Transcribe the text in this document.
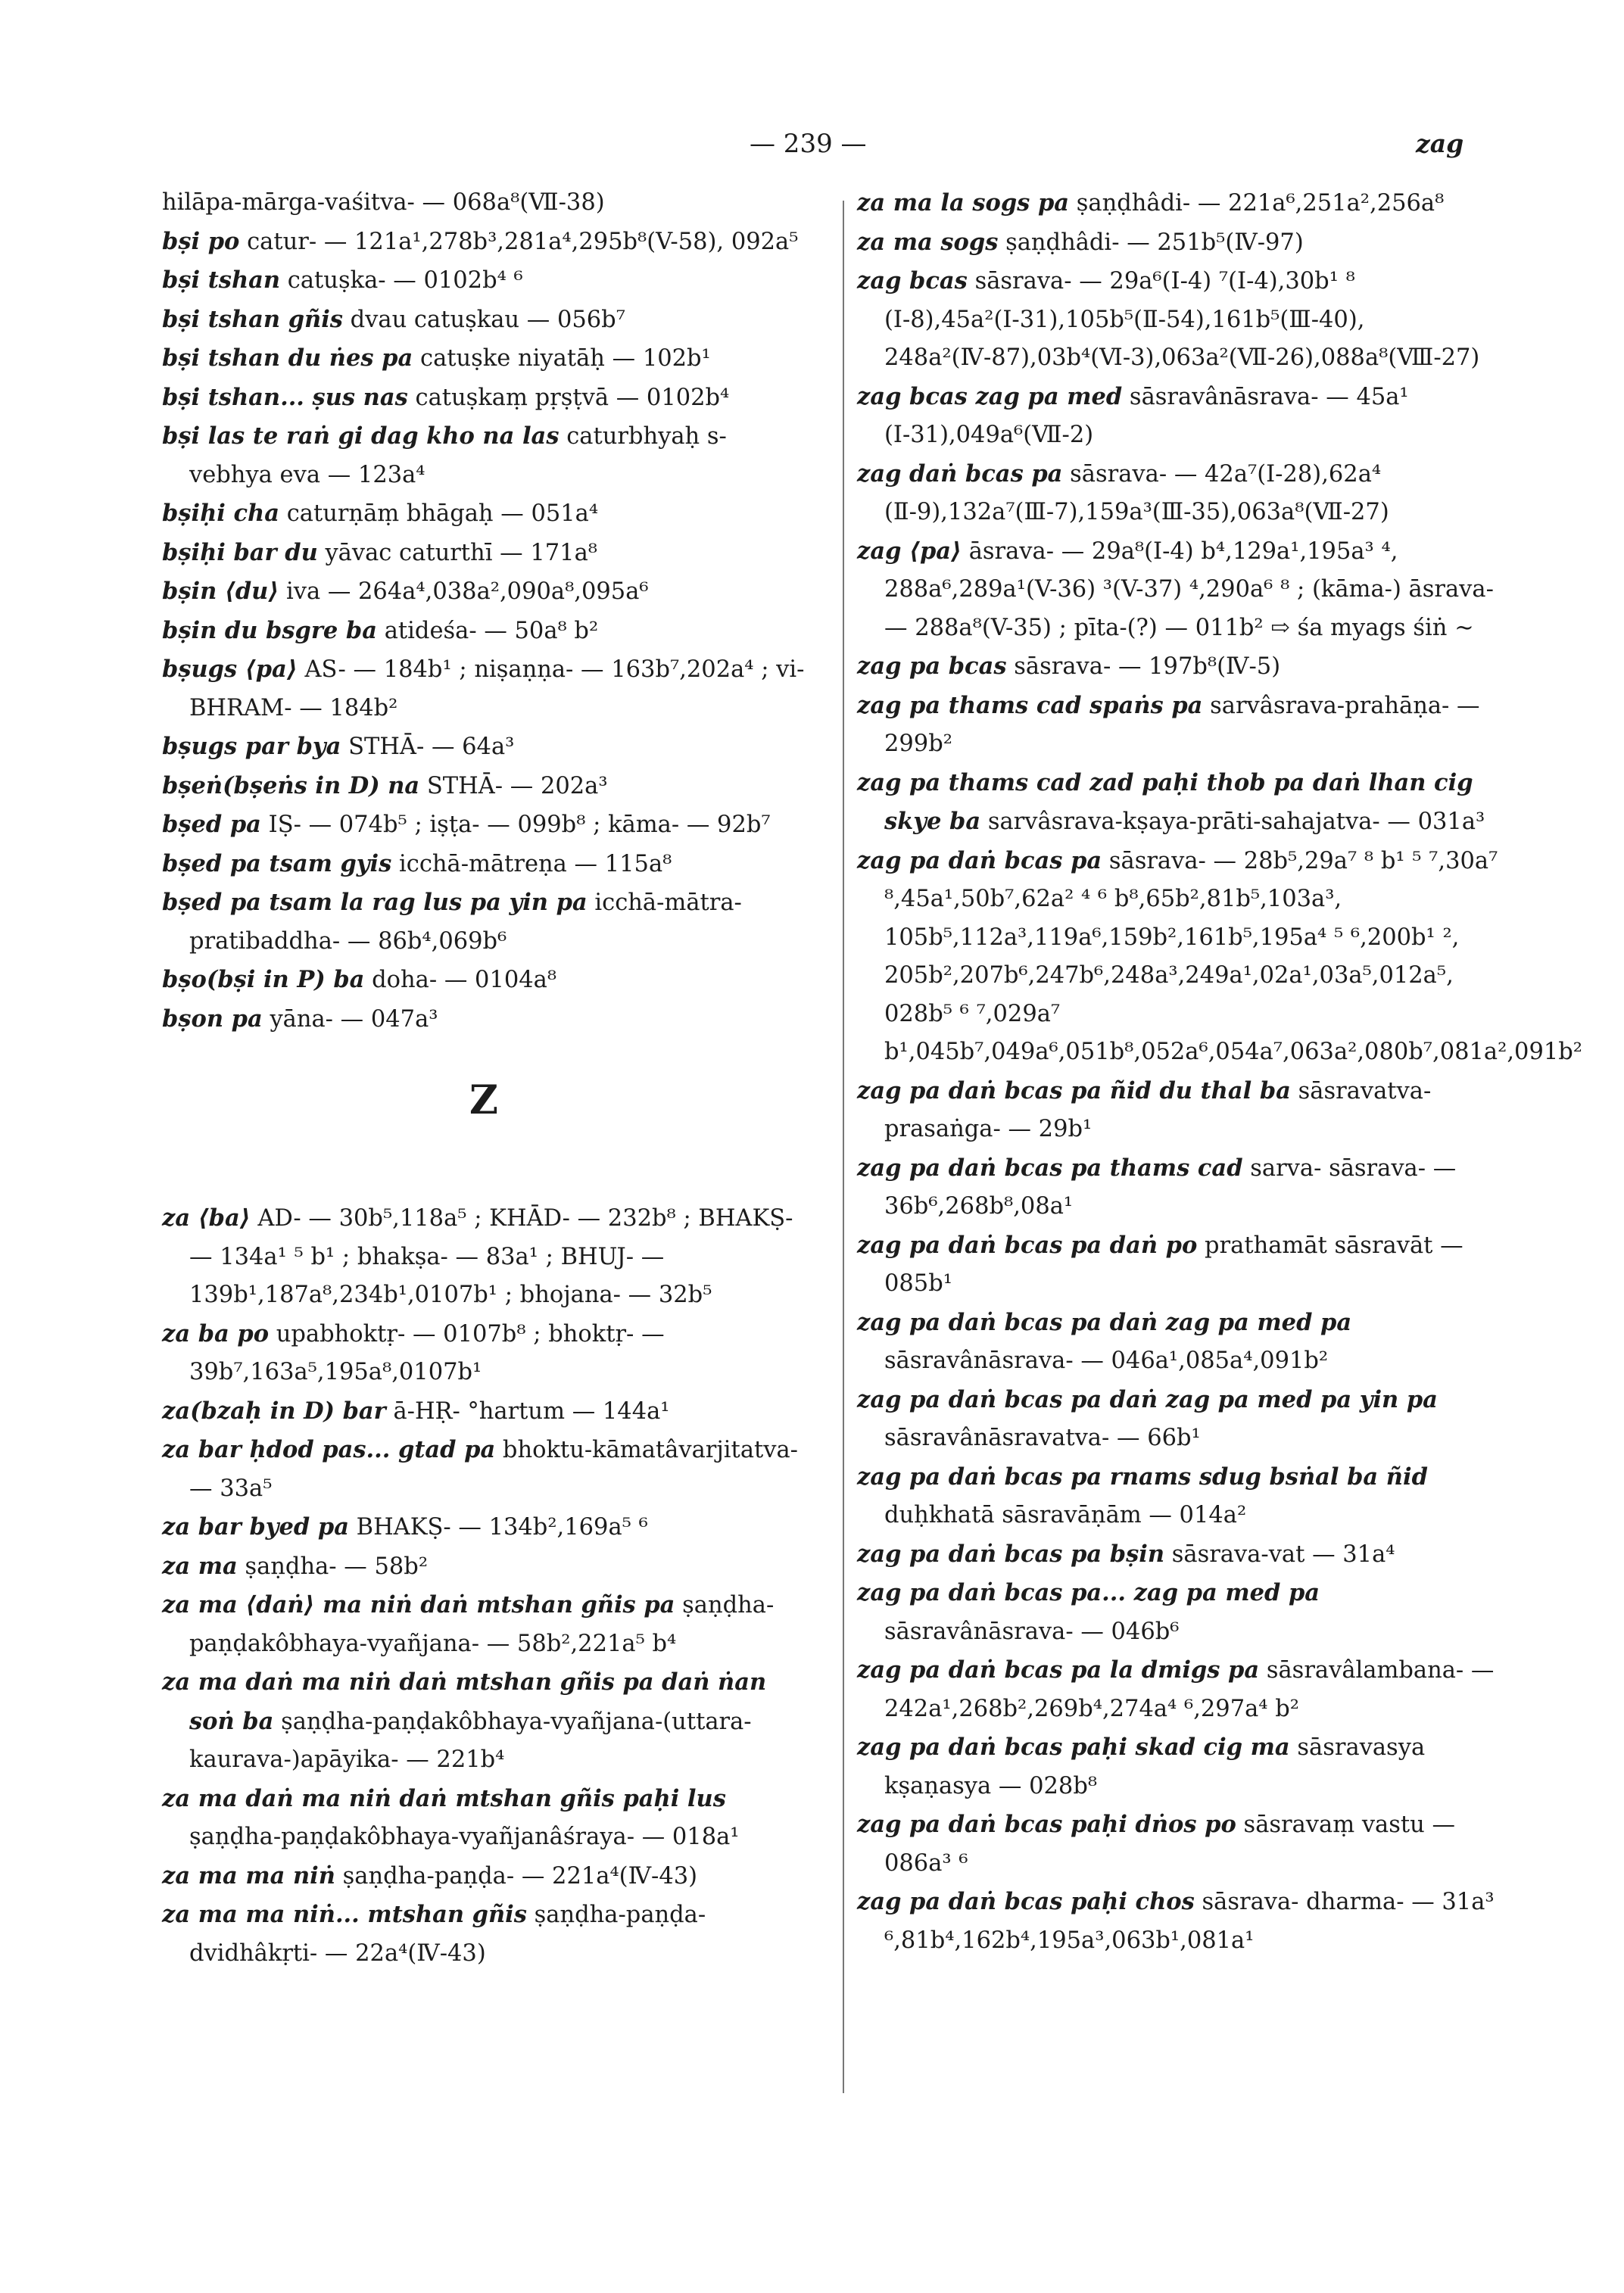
— 239 —	zag

hilāpa-mārga-vaśitva- — 068a⁸(Ⅶ-38)

bṣi po catur- — 121a¹,278b³,281a⁴,295b⁸(V-58), 092a⁵

bṣi tshan catuṣka- — 0102b⁴ ⁶

bṣi tshan gñis dvau catuṣkau — 056b⁷

bṣi tshan du ṅes pa catuṣke niyatāḥ — 102b¹

bṣi tshan... ṣus nas catuṣkaṃ pṛṣṭvā — 0102b⁴

bṣi las te raṅ gi dag kho na las caturbhyaḥ s-vebhya eva — 123a⁴

bṣiḥi cha caturṇāṃ bhāgaḥ — 051a⁴

bṣiḥi bar du yāvac caturthī — 171a⁸

bṣin ⟨du⟩ iva — 264a⁴,038a²,090a⁸,095a⁶

bṣin du bsgre ba atideśa- — 50a⁸ b²

bṣugs ⟨pa⟩ AS- — 184b¹ ; niṣaṇṇa- — 163b⁷,202a⁴ ; vi-BHRAM- — 184b²

bṣugs par bya STHĀ- — 64a³

bṣeṅ(bṣeṅs in D) na STHĀ- — 202a³

bṣed pa IṢ- — 074b⁵ ; iṣṭa- — 099b⁸ ; kāma- — 92b⁷

bṣed pa tsam gyis icchā-mātreṇa — 115a⁸

bṣed pa tsam la rag lus pa yin pa icchā-mātra-pratibaddha- — 86b⁴,069b⁶

bṣo(bṣi in P) ba doha- — 0104a⁸

bṣon pa yāna- — 047a³

Z

za ⟨ba⟩ AD- — 30b⁵,118a⁵ ; KHĀD- — 232b⁸ ; BHAKṢ- — 134a¹ ⁵ b¹ ; bhakṣa- — 83a¹ ; BHUJ- — 139b¹,187a⁸,234b¹,0107b¹ ; bhojana- — 32b⁵

za ba po upabhoktṛ- — 0107b⁸ ; bhoktṛ- — 39b⁷,163a⁵,195a⁸,0107b¹

za(bzaḥ in D) bar ā-HṚ- °hartum — 144a¹

za bar ḥdod pas... gtad pa bhoktu-kāmatâvarjitatva- — 33a⁵

za bar byed pa BHAKṢ- — 134b²,169a⁵ ⁶

za ma ṣaṇḍha- — 58b²

za ma ⟨daṅ⟩ ma niṅ daṅ mtshan gñis pa ṣaṇḍha-paṇḍakôbhaya-vyañjana- — 58b²,221a⁵ b⁴

za ma daṅ ma niṅ daṅ mtshan gñis pa daṅ ṅan soṅ ba ṣaṇḍha-paṇḍakôbhaya-vyañjana-(uttara-kaurava-)apāyika- — 221b⁴

za ma daṅ ma niṅ daṅ mtshan gñis paḥi lus ṣaṇḍha-paṇḍakôbhaya-vyañjanâśraya- — 018a¹

za ma ma niṅ ṣaṇḍha-paṇḍa- — 221a⁴(Ⅳ-43)

za ma ma niṅ... mtshan gñis ṣaṇḍha-paṇḍa-dvidhâkṛti- — 22a⁴(Ⅳ-43)

za ma la sogs pa ṣaṇḍhâdi- — 221a⁶,251a²,256a⁸

za ma sogs ṣaṇḍhâdi- — 251b⁵(Ⅳ-97)

zag bcas sāsrava- — 29a⁶(Ⅰ-4) ⁷(Ⅰ-4),30b¹ ⁸ (Ⅰ-8),45a²(Ⅰ-31),105b⁵(Ⅱ-54),161b⁵(Ⅲ-40), 248a²(Ⅳ-87),03b⁴(Ⅵ-3),063a²(Ⅶ-26),088a⁸(Ⅷ-27)

zag bcas zag pa med sāsravânāsrava- — 45a¹ (Ⅰ-31),049a⁶(Ⅶ-2)

zag daṅ bcas pa sāsrava- — 42a⁷(Ⅰ-28),62a⁴ (Ⅱ-9),132a⁷(Ⅲ-7),159a³(Ⅲ-35),063a⁸(Ⅶ-27)

zag ⟨pa⟩ āsrava- — 29a⁸(Ⅰ-4) b⁴,129a¹,195a³ ⁴, 288a⁶,289a¹(V-36) ³(V-37) ⁴,290a⁶ ⁸ ; (kāma-) āsrava- — 288a⁸(V-35) ; pīta-(?) — 011b² ⇨ śa myags śiṅ ∼

zag pa bcas sāsrava- — 197b⁸(Ⅳ-5)

zag pa thams cad spaṅs pa sarvâsrava-prahāṇa- — 299b²

zag pa thams cad zad paḥi thob pa daṅ lhan cig skye ba sarvâsrava-kṣaya-prāti-sahajatva- — 031a³

zag pa daṅ bcas pa sāsrava- — 28b⁵,29a⁷ ⁸ b¹ ⁵ ⁷,30a⁷ ⁸,45a¹,50b⁷,62a² ⁴ ⁶ b⁸,65b²,81b⁵,103a³, 105b⁵,112a³,119a⁶,159b²,161b⁵,195a⁴ ⁵ ⁶,200b¹ ², 205b²,207b⁶,247b⁶,248a³,249a¹,02a¹,03a⁵,012a⁵, 028b⁵ ⁶ ⁷,029a⁷ b¹,045b⁷,049a⁶,051b⁸,052a⁶,054a⁷,063a²,080b⁷,081a²,091b²

zag pa daṅ bcas pa ñid du thal ba sāsravatva-prasaṅga- — 29b¹

zag pa daṅ bcas pa thams cad sarva- sāsrava- — 36b⁶,268b⁸,08a¹

zag pa daṅ bcas pa daṅ po prathamāt sāsravāt — 085b¹

zag pa daṅ bcas pa daṅ zag pa med pa sāsravânāsrava- — 046a¹,085a⁴,091b²

zag pa daṅ bcas pa daṅ zag pa med pa yin pa sāsravânāsravatva- — 66b¹

zag pa daṅ bcas pa rnams sdug bsṅal ba ñid duḥkhatā sāsravāṇām — 014a²

zag pa daṅ bcas pa bṣin sāsrava-vat — 31a⁴

zag pa daṅ bcas pa... zag pa med pa sāsravânāsrava- — 046b⁶

zag pa daṅ bcas pa la dmigs pa sāsravâlambana- — 242a¹,268b²,269b⁴,274a⁴ ⁶,297a⁴ b²

zag pa daṅ bcas paḥi skad cig ma sāsravasya kṣaṇasya — 028b⁸

zag pa daṅ bcas paḥi dṅos po sāsravaṃ vastu — 086a³ ⁶

zag pa daṅ bcas paḥi chos sāsrava- dharma- — 31a³ ⁶,81b⁴,162b⁴,195a³,063b¹,081a¹
